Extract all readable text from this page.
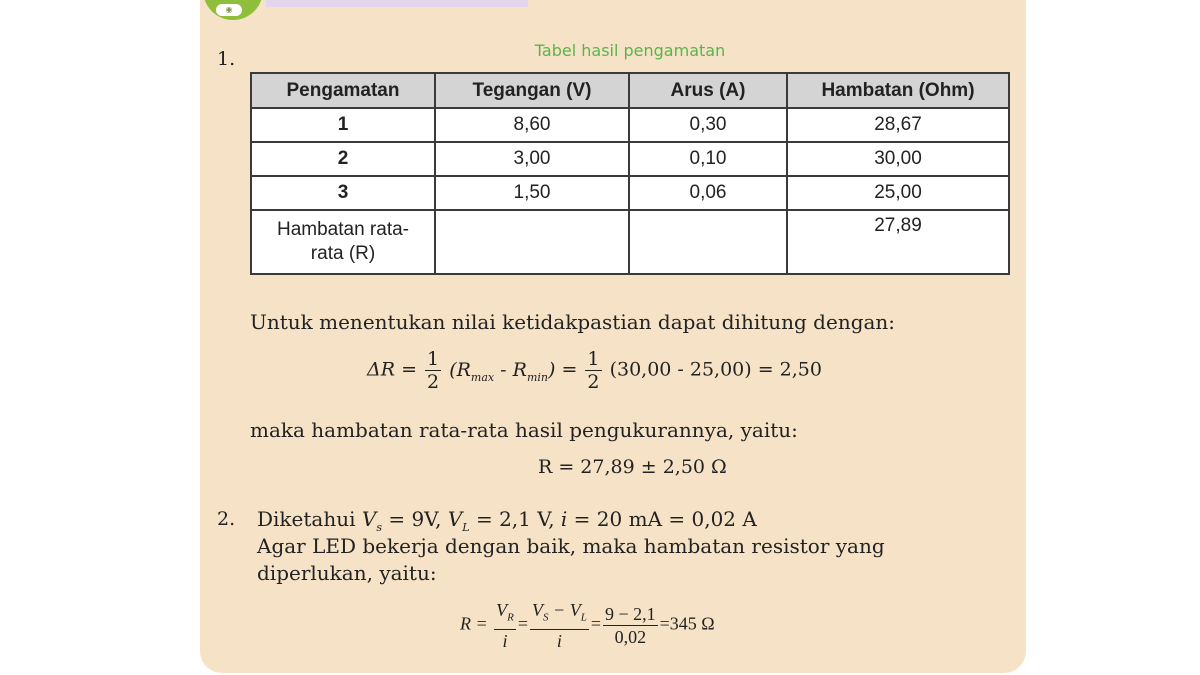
◉
1.	Tabel hasil pengamatan
Pengamatan	Tegangan (V)	Arus (A)	Hambatan (Ohm)
1	8,60	0,30	28,67
2	3,00	0,10	30,00
3	1,50	0,06	25,00
Hambatan rata-
rata (R)			27,89
Untuk menentukan nilai ketidakpastian dapat dihitung dengan:
$\Delta R = \frac{1}{2} (R_{max} - R_{min}) = \frac{1}{2} (30,00 - 25,00) = 2,50$
maka hambatan rata-rata hasil pengukurannya, yaitu:
R = 27,89 ± 2,50 Ω
2. Diketahui $V_s = 9V$, $V_L = 2,1$ V, i = 20 mA = 0,02 A
Agar LED bekerja dengan baik, maka hambatan resistor yang
diperlukan, yaitu:
$R = \frac{V_R}{i} = \frac{V_S - V_L}{i} = \frac{9 - 2,1}{0,02} =345$ Ω
